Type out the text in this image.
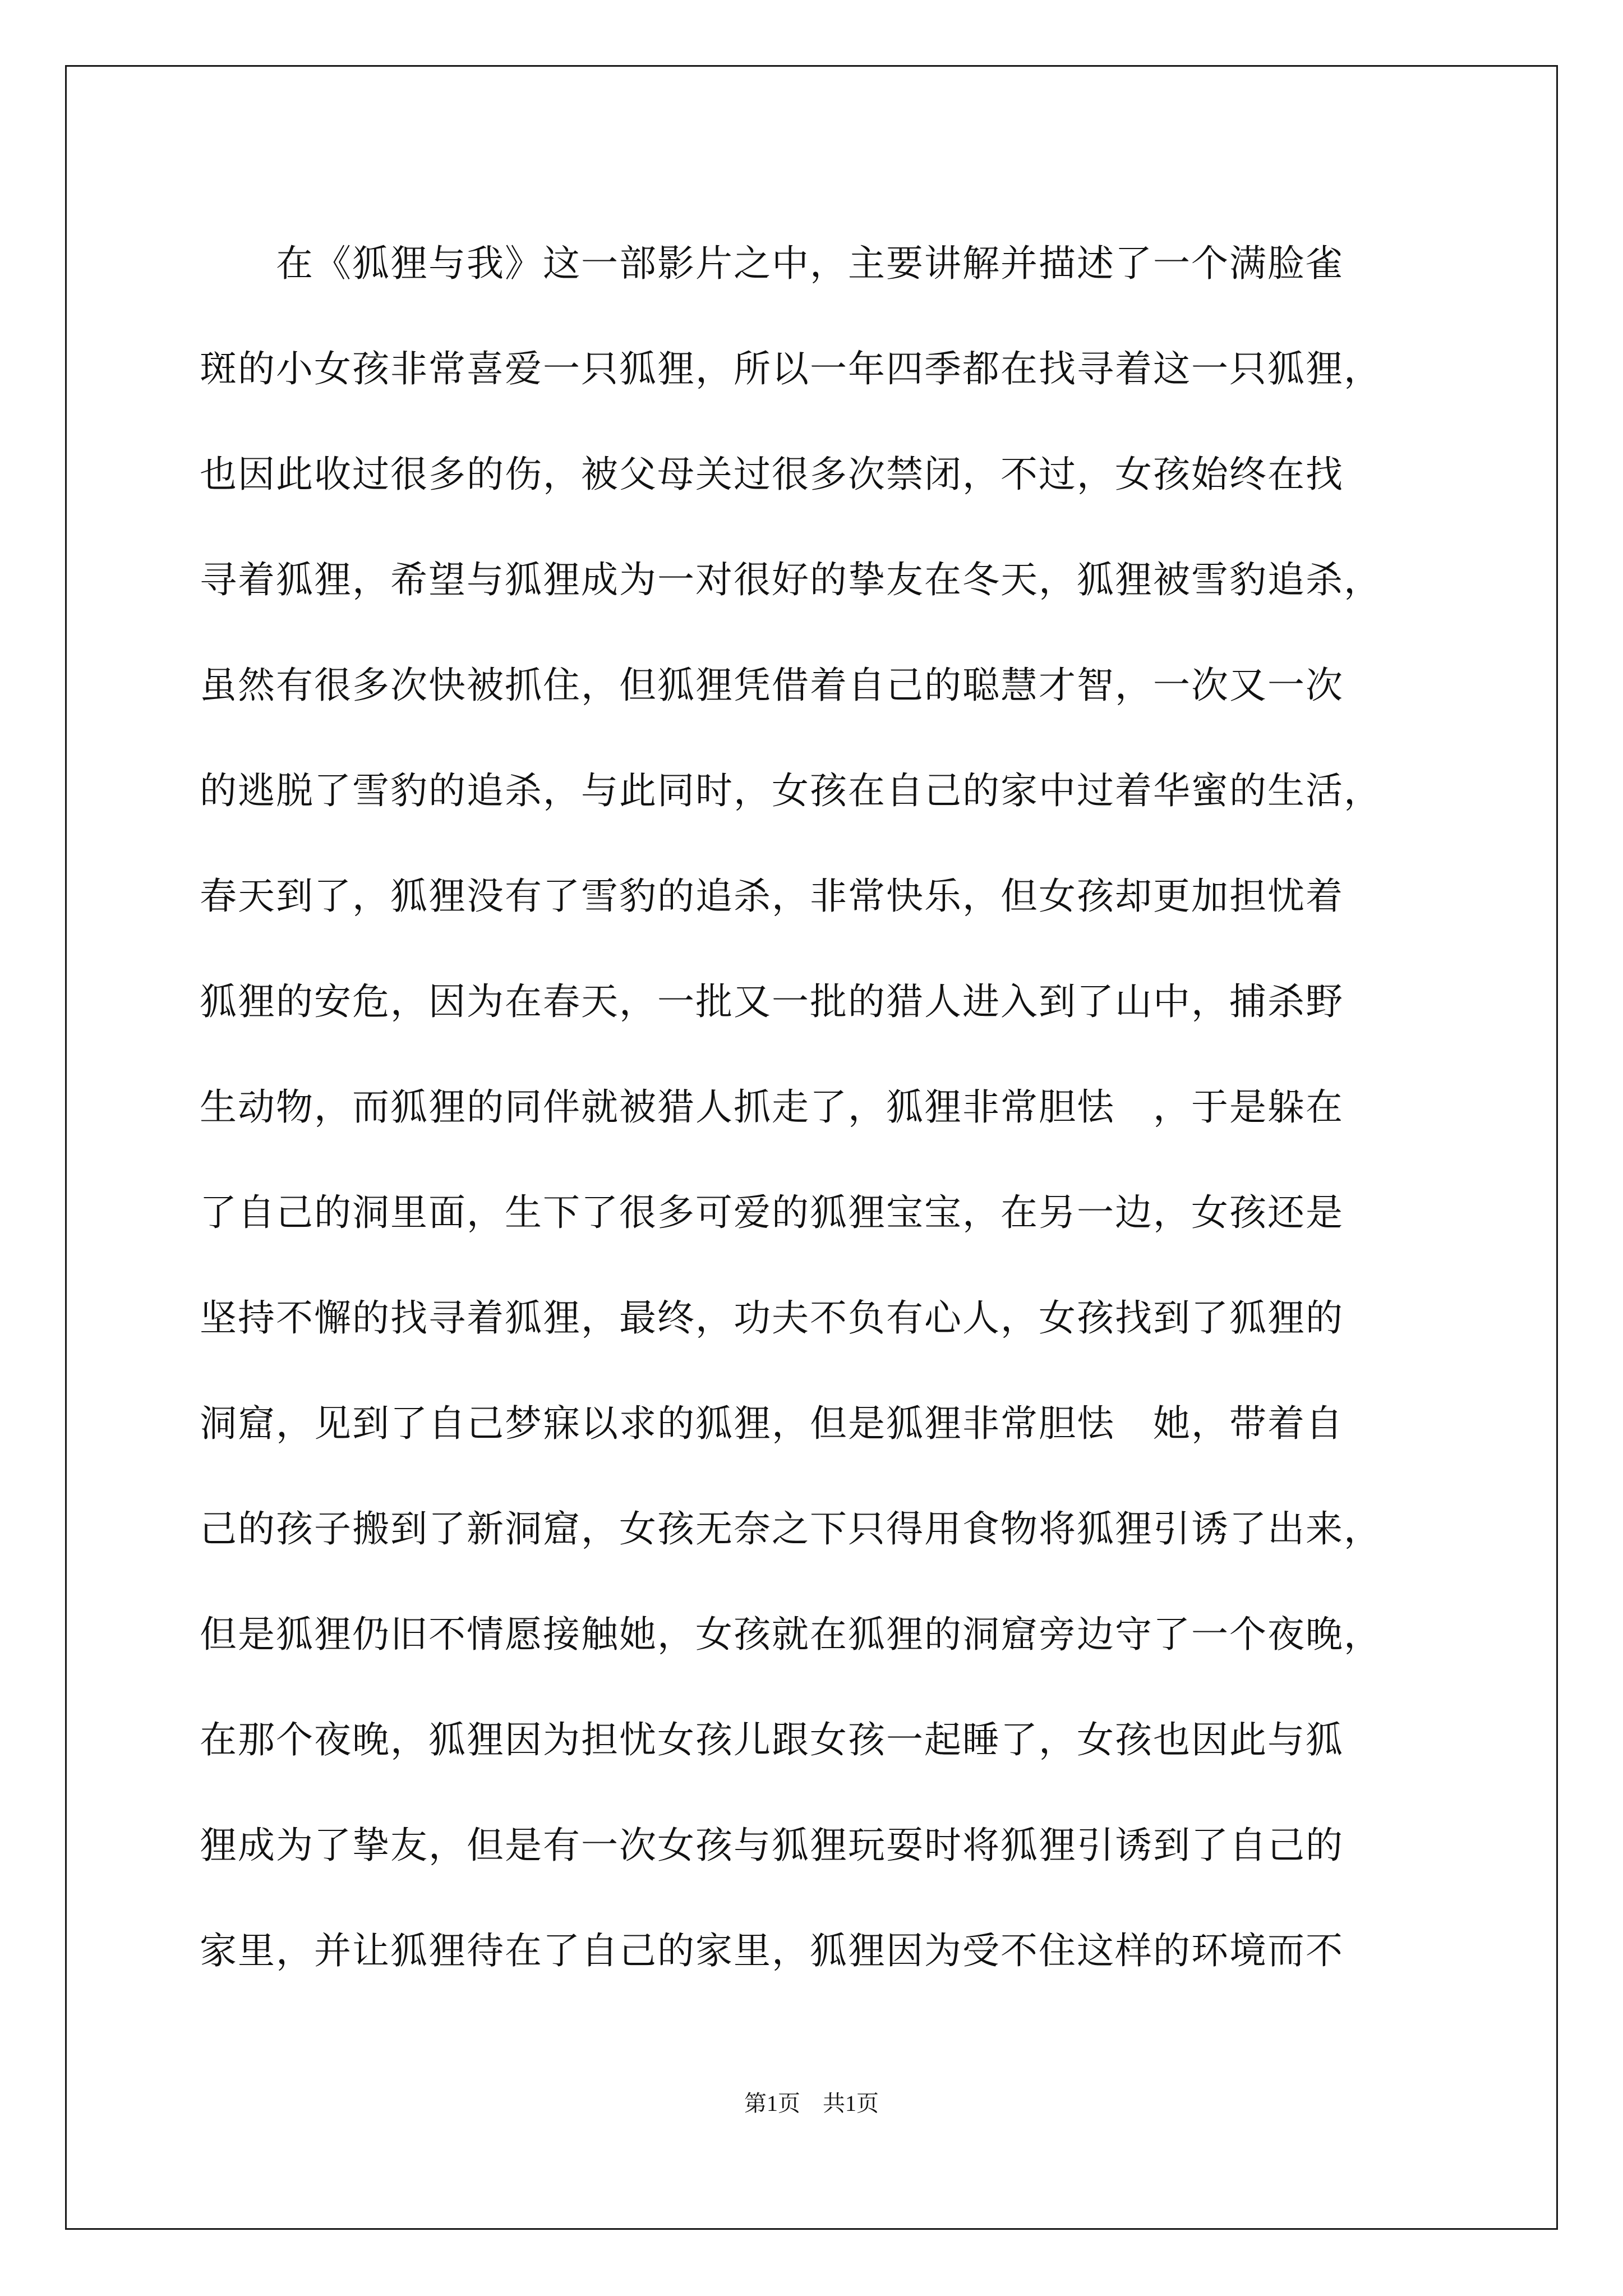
　　在《狐狸与我》这一部影片之中，主要讲解并描述了一个满脸雀
斑的小女孩非常喜爱一只狐狸，所以一年四季都在找寻着这一只狐狸，
也因此收过很多的伤，被父母关过很多次禁闭，不过，女孩始终在找
寻着狐狸，希望与狐狸成为一对很好的挚友在冬天，狐狸被雪豹追杀，
虽然有很多次快被抓住，但狐狸凭借着自己的聪慧才智，一次又一次
的逃脱了雪豹的追杀，与此同时，女孩在自己的家中过着华蜜的生活，
春天到了，狐狸没有了雪豹的追杀，非常快乐，但女孩却更加担忧着
狐狸的安危，因为在春天，一批又一批的猎人进入到了山中，捕杀野
生动物，而狐狸的同伴就被猎人抓走了，狐狸非常胆怯　，于是躲在
了自己的洞里面，生下了很多可爱的狐狸宝宝，在另一边，女孩还是
坚持不懈的找寻着狐狸，最终，功夫不负有心人，女孩找到了狐狸的
洞窟，见到了自己梦寐以求的狐狸，但是狐狸非常胆怯　她，带着自
己的孩子搬到了新洞窟，女孩无奈之下只得用食物将狐狸引诱了出来，
但是狐狸仍旧不情愿接触她，女孩就在狐狸的洞窟旁边守了一个夜晚，
在那个夜晚，狐狸因为担忧女孩儿跟女孩一起睡了，女孩也因此与狐
狸成为了挚友，但是有一次女孩与狐狸玩耍时将狐狸引诱到了自己的
家里，并让狐狸待在了自己的家里，狐狸因为受不住这样的环境而不
第1页 共1页
